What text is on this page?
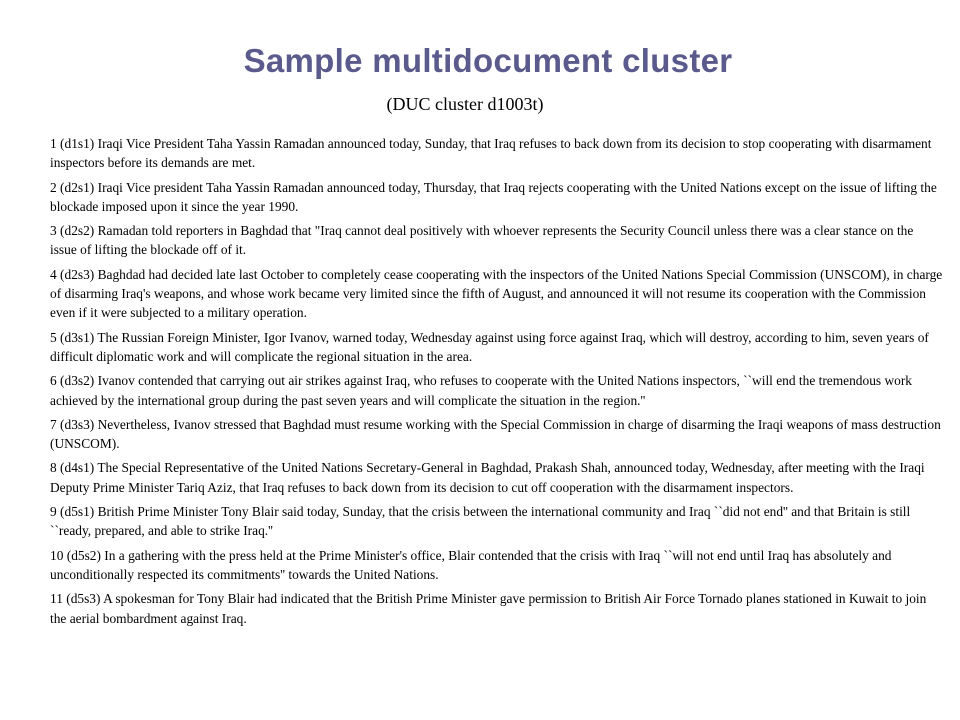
Sample multidocument cluster
(DUC cluster d1003t)

1 (d1s1) Iraqi Vice President Taha Yassin Ramadan announced today, Sunday, that Iraq refuses to back down from its decision to stop cooperating with disarmament inspectors before its demands are met.

2 (d2s1) Iraqi Vice president Taha Yassin Ramadan announced today, Thursday, that Iraq rejects cooperating with the United Nations except on the issue of lifting the blockade imposed upon it since the year 1990.

3 (d2s2) Ramadan told reporters in Baghdad that "Iraq cannot deal positively with whoever represents the Security Council unless there was a clear stance on the issue of lifting the blockade off of it.

4 (d2s3) Baghdad had decided late last October to completely cease cooperating with the inspectors of the United Nations Special Commission (UNSCOM), in charge of disarming Iraq's weapons, and whose work became very limited since the fifth of August, and announced it will not resume its cooperation with the Commission even if it were subjected to a military operation.

5 (d3s1) The Russian Foreign Minister, Igor Ivanov, warned today, Wednesday against using force against Iraq, which will destroy, according to him, seven years of difficult diplomatic work and will complicate the regional situation in the area.

6 (d3s2) Ivanov contended that carrying out air strikes against Iraq, who refuses to cooperate with the United Nations inspectors, ``will end the tremendous work achieved by the international group during the past seven years and will complicate the situation in the region.''

7 (d3s3) Nevertheless, Ivanov stressed that Baghdad must resume working with the Special Commission in charge of disarming the Iraqi weapons of mass destruction (UNSCOM).

8 (d4s1) The Special Representative of the United Nations Secretary-General in Baghdad, Prakash Shah, announced today, Wednesday, after meeting with the Iraqi Deputy Prime Minister Tariq Aziz, that Iraq refuses to back down from its decision to cut off cooperation with the disarmament inspectors.

9 (d5s1) British Prime Minister Tony Blair said today, Sunday, that the crisis between the international community and Iraq ``did not end'' and that Britain is still ``ready, prepared, and able to strike Iraq.''

10 (d5s2) In a gathering with the press held at the Prime Minister's office, Blair contended that the crisis with Iraq ``will not end until Iraq has absolutely and unconditionally respected its commitments'' towards the United Nations.

11 (d5s3) A spokesman for Tony Blair had indicated that the British Prime Minister gave permission to British Air Force Tornado planes stationed in Kuwait to join the aerial bombardment against Iraq.
